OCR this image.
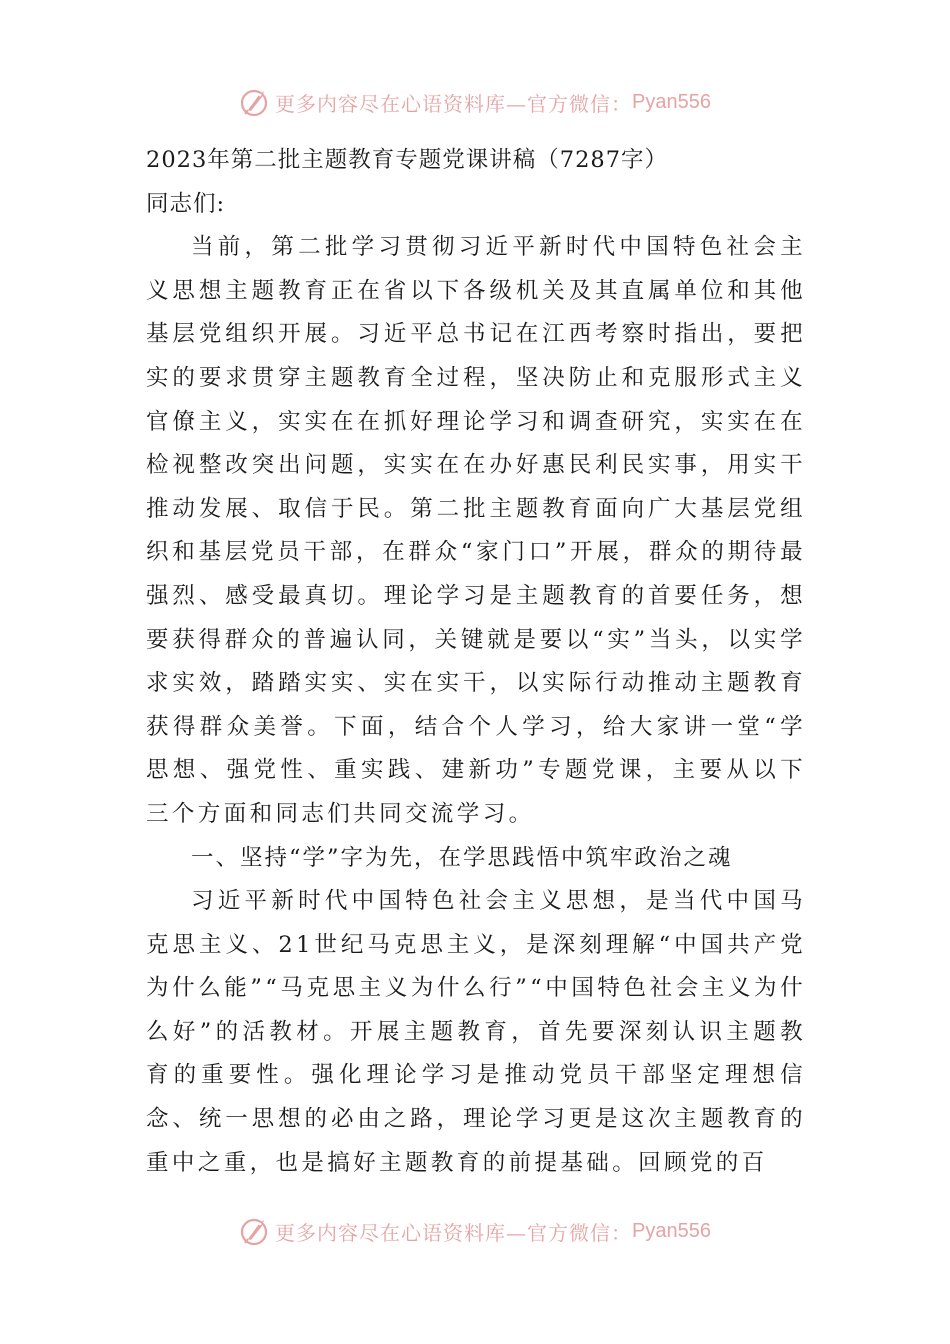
更多内容尽在心语资料库—官方微信： Pyan556

2023年第二批主题教育专题党课讲稿（7287字）

同志们:

当前，第二批学习贯彻习近平新时代中国特色社会主义思想主题教育正在省以下各级机关及其直属单位和其他基层党组织开展。习近平总书记在江西考察时指出，要把实的要求贯穿主题教育全过程，坚决防止和克服形式主义官僚主义，实实在在抓好理论学习和调查研究，实实在在检视整改突出问题，实实在在办好惠民利民实事，用实干推动发展、取信于民。第二批主题教育面向广大基层党组织和基层党员干部，在群众“家门口”开展，群众的期待最强烈、感受最真切。理论学习是主题教育的首要任务，想要获得群众的普遍认同，关键就是要以“实”当头，以实学求实效，踏踏实实、实在实干，以实际行动推动主题教育获得群众美誉。下面，结合个人学习，给大家讲一堂“学思想、强党性、重实践、建新功”专题党课，主要从以下三个方面和同志们共同交流学习。

一、坚持“学”字为先，在学思践悟中筑牢政治之魂

习近平新时代中国特色社会主义思想，是当代中国马克思主义、21世纪马克思主义，是深刻理解“中国共产党为什么能”“马克思主义为什么行”“中国特色社会主义为什么好”的活教材。开展主题教育，首先要深刻认识主题教育的重要性。强化理论学习是推动党员干部坚定理想信念、统一思想的必由之路，理论学习更是这次主题教育的重中之重，也是搞好主题教育的前提基础。回顾党的百

更多内容尽在心语资料库—官方微信： Pyan556
